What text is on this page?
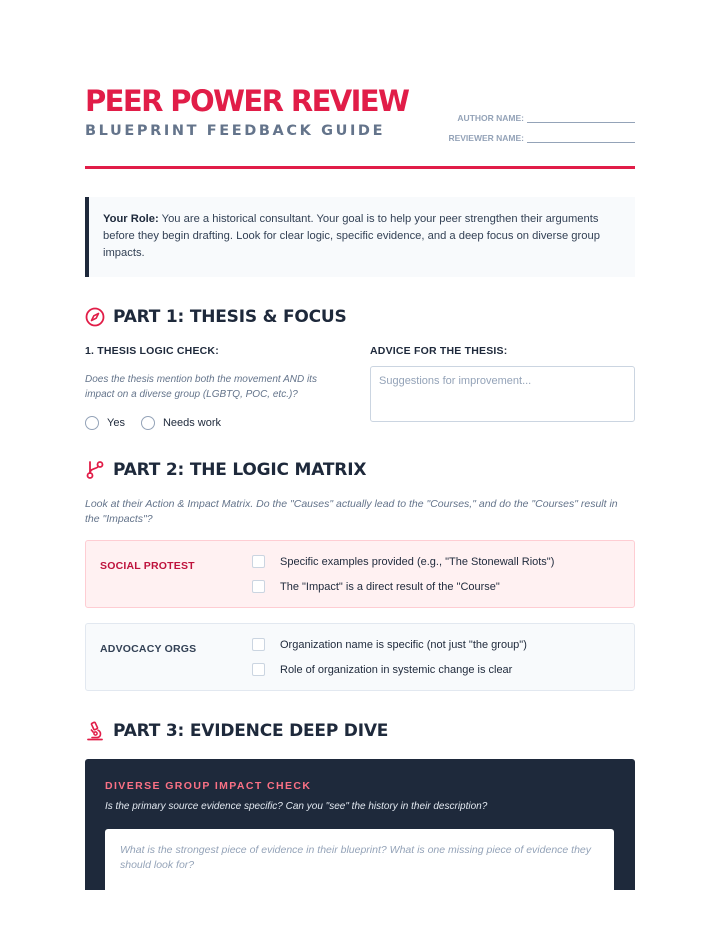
PEER POWER REVIEW
BLUEPRINT FEEDBACK GUIDE
AUTHOR NAME:
REVIEWER NAME:
Your Role: You are a historical consultant. Your goal is to help your peer strengthen their arguments before they begin drafting. Look for clear logic, specific evidence, and a deep focus on diverse group impacts.
PART 1: THESIS & FOCUS
1. THESIS LOGIC CHECK:
Does the thesis mention both the movement AND its impact on a diverse group (LGBTQ, POC, etc.)?
Yes	Needs work
ADVICE FOR THE THESIS:
Suggestions for improvement...
PART 2: THE LOGIC MATRIX
Look at their Action & Impact Matrix. Do the "Causes" actually lead to the "Courses," and do the "Courses" result in the "Impacts"?
SOCIAL PROTEST	Specific examples provided (e.g., "The Stonewall Riots")
The "Impact" is a direct result of the "Course"
ADVOCACY ORGS	Organization name is specific (not just "the group")
Role of organization in systemic change is clear
PART 3: EVIDENCE DEEP DIVE
DIVERSE GROUP IMPACT CHECK
Is the primary source evidence specific? Can you "see" the history in their description?
What is the strongest piece of evidence in their blueprint? What is one missing piece of evidence they should look for?
